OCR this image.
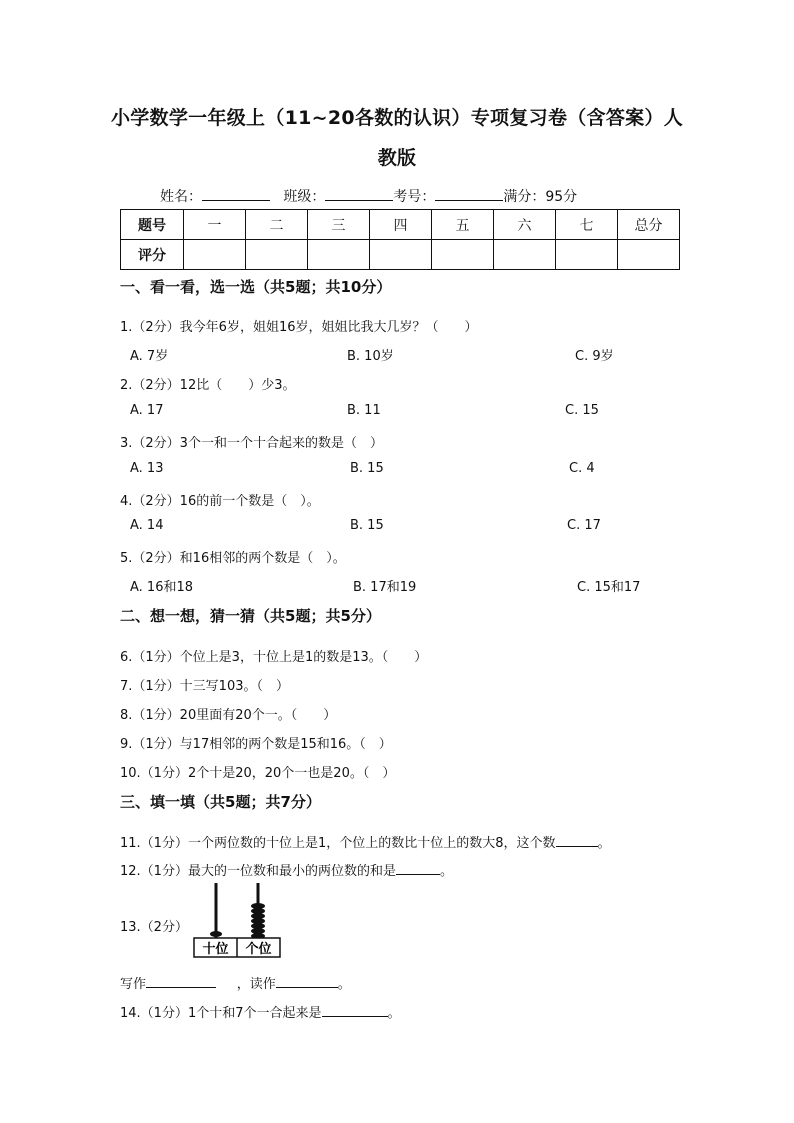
小学数学一年级上（11~20各数的认识）专项复习卷（含答案）人
教版
姓名：	班级：	考号：	满分：95分
题号	一	二	三	四	五	六	七	总分
评分								
一、看一看，选一选（共5题；共10分）
1.（2分）我今年6岁，姐姐16岁，姐姐比我大几岁？（　　）
A. 7岁	B. 10岁	C. 9岁
2.（2分）12比（　　）少3。
A. 17	B. 11	C. 15
3.（2分）3个一和一个十合起来的数是（　）
A. 13	B. 15	C. 4
4.（2分）16的前一个数是（　）。
A. 14	B. 15	C. 17
5.（2分）和16相邻的两个数是（　）。
A. 16和18	B. 17和19	C. 15和17
二、想一想，猜一猜（共5题；共5分）
6.（1分）个位上是3，十位上是1的数是13。（　　）
7.（1分）十三写103。（　）
8.（1分）20里面有20个一。（　　）
9.（1分）与17相邻的两个数是15和16。（　）
10.（1分）2个十是20，20个一也是20。（　）
三、填一填（共5题；共7分）
11.（1分）一个两位数的十位上是1，个位上的数比十位上的数大8，这个数	。
12.（1分）最大的一位数和最小的两位数的和是	。
13.（2分）
十位 个位
写作	，读作	。
14.（1分）1个十和7个一合起来是	。
